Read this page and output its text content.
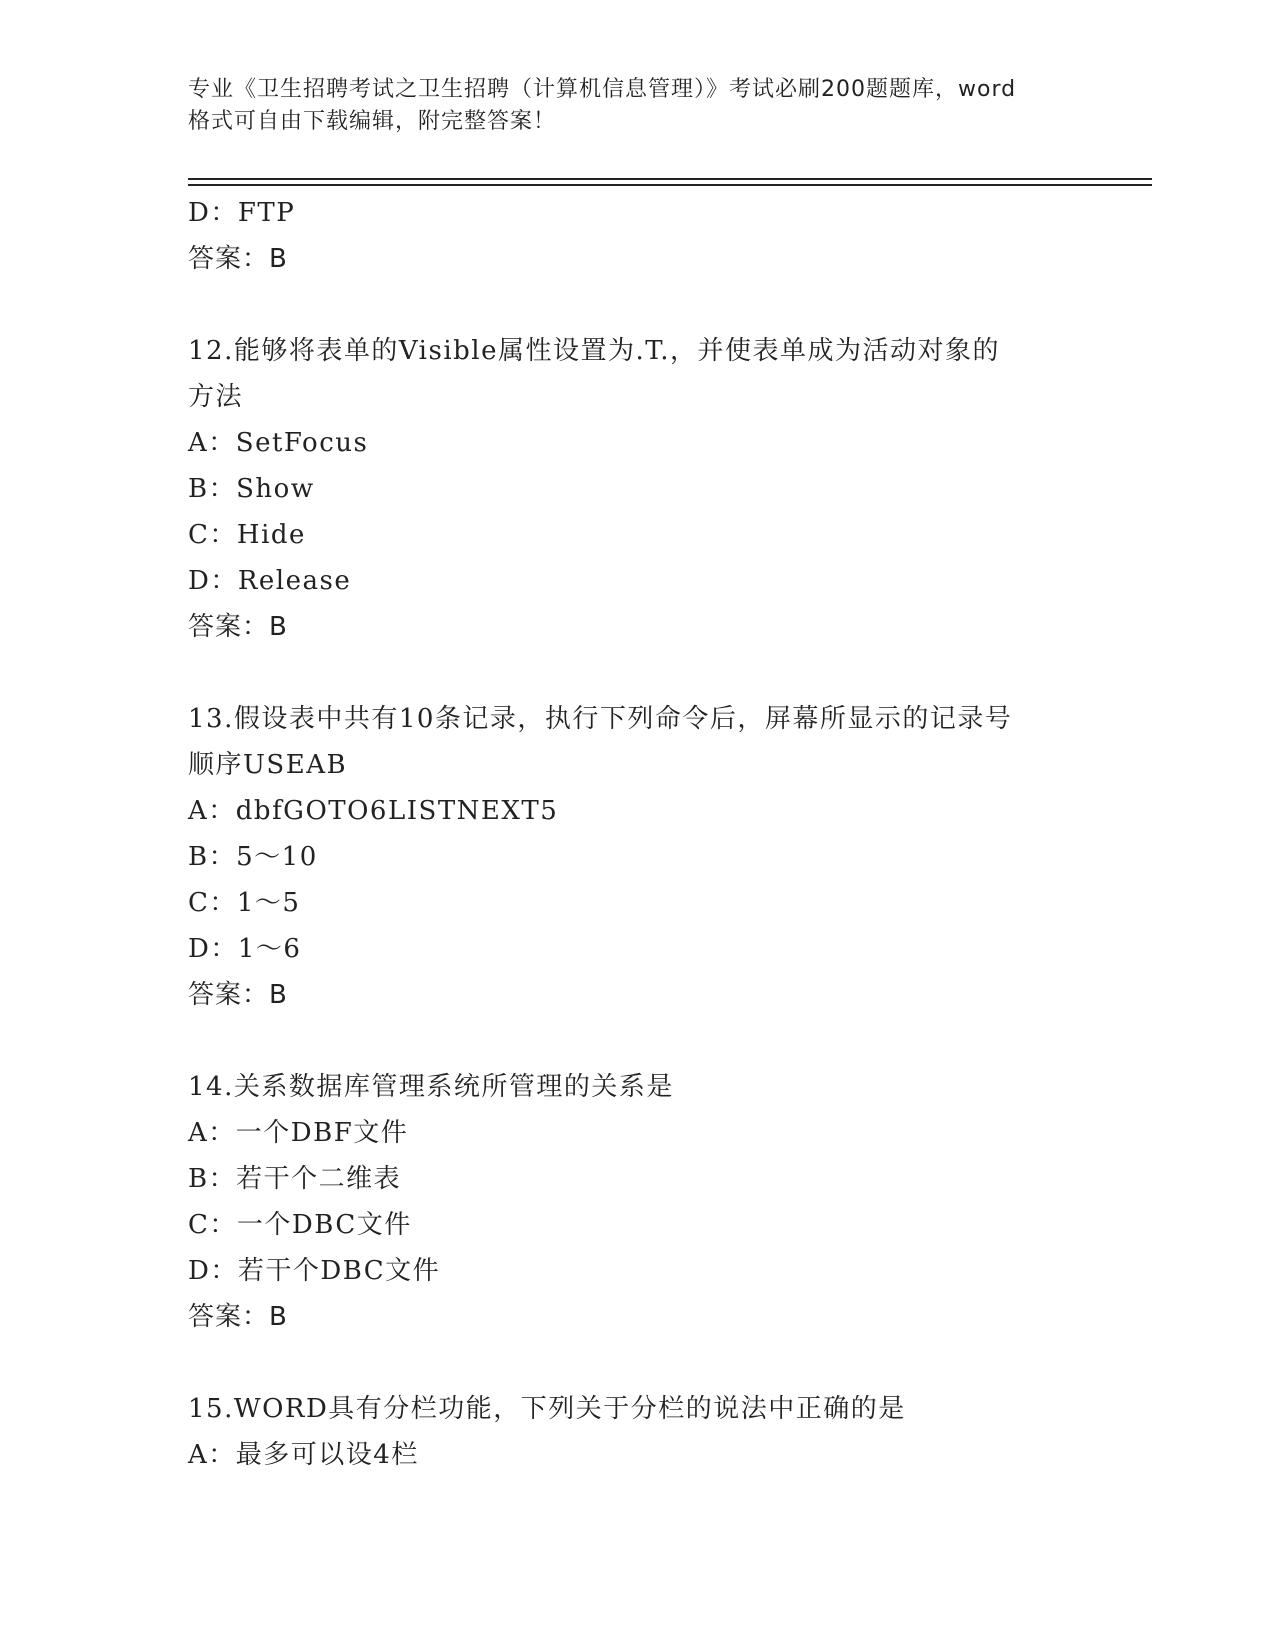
专业《卫生招聘考试之卫生招聘（计算机信息管理）》考试必刷200题题库，word
格式可自由下载编辑，附完整答案！
D：FTP
答案：B
12.能够将表单的Visible属性设置为.T.，并使表单成为活动对象的
方法
A：SetFocus
B：Show
C：Hide
D：Release
答案：B
13.假设表中共有10条记录，执行下列命令后，屏幕所显示的记录号
顺序USEAB
A：dbfGOTO6LISTNEXT5
B：5～10
C：1～5
D：1～6
答案：B
14.关系数据库管理系统所管理的关系是
A：一个DBF文件
B：若干个二维表
C：一个DBC文件
D：若干个DBC文件
答案：B
15.WORD具有分栏功能，下列关于分栏的说法中正确的是
A：最多可以设4栏
